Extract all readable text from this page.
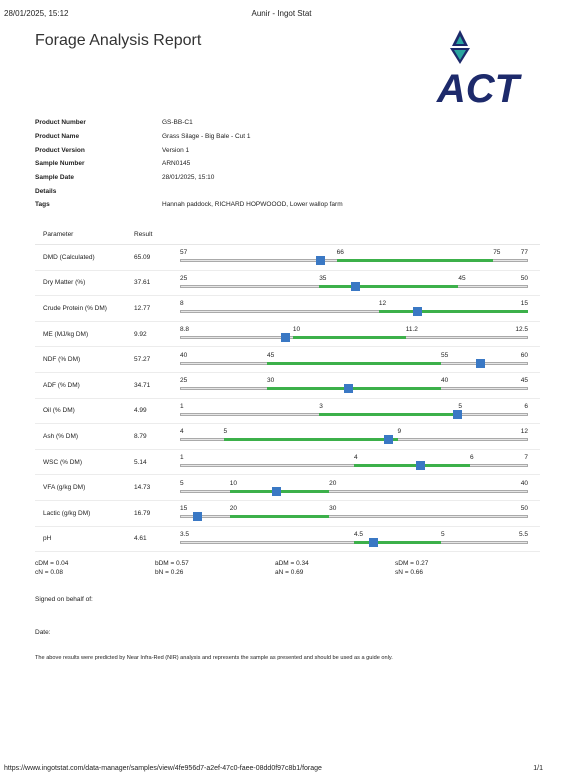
28/01/2025, 15:12	Aunir - Ingot Stat
Forage Analysis Report
ACT
Product Number	GS-BB-C1
Product Name	Grass Silage - Big Bale - Cut 1
Product Version	Version 1
Sample Number	ARN0145
Sample Date	28/01/2025, 15:10
Details
Tags	Hannah paddock, RICHARD HOPWOOOD, Lower wallop farm
Parameter	Result
DMD (Calculated)	65.09
57	66	75	77
Dry Matter (%)	37.61
25	35	45	50
Crude Protein (% DM)	12.77
8	12	15
ME (MJ/kg DM)	9.92
8.8	10	11.2	12.5
NDF (% DM)	57.27
40	45	55	60
ADF (% DM)	34.71
25	30	40	45
Oil (% DM)	4.99
1	3	5	6
Ash (% DM)	8.79
4	5	9	12
WSC (% DM)	5.14
1	4	6	7
VFA (g/kg DM)	14.73
5	10	20	40
Lactic (g/kg DM)	16.79
15	20	30	50
pH	4.61
3.5	4.5	5	5.5
cDM = 0.04	bDM = 0.57	aDM = 0.34	sDM = 0.27
cN = 0.08	bN = 0.26	aN = 0.69	sN = 0.66
Signed on behalf of:
Date:
The above results were predicted by Near Infra-Red (NIR) analysis and represents the sample as presented and should be used as a guide only.
https://www.ingotstat.com/data-manager/samples/view/4fe956d7-a2ef-47c0-faee-08dd0f97c8b1/forage	1/1
